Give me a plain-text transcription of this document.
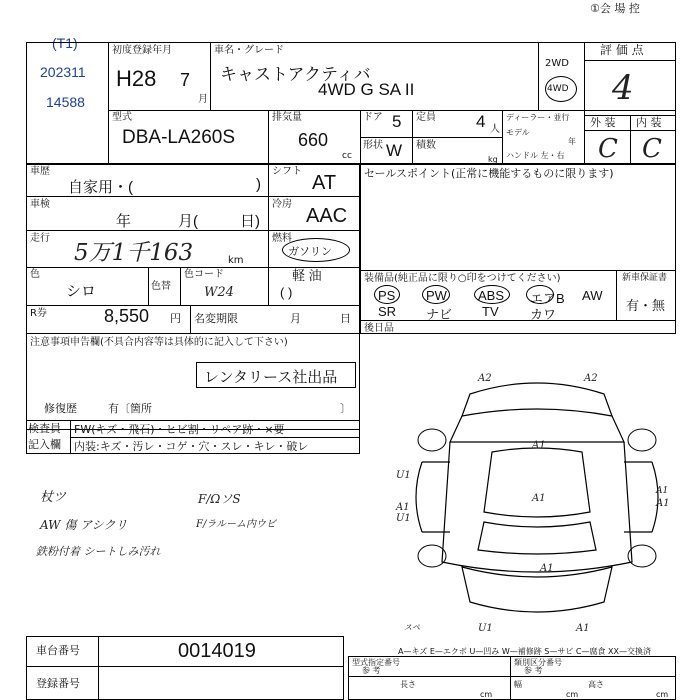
(T1)
202311
14588
①会 場 控
初度登録年月
H28 7
月
車名・グレード
キャストアクティバ
4WD G SA II
2WD
4WD
評 価 点
4
外 装 内 装
C C
型式
DBA-LA260S
排気量
660
cc
ドア 5 定員 4 人
形状 W 積数
kg
ディーラー・並行
モデル
年
ハンドル 左・右
車歴
自家用・(	)
シフト
AT
車検
年	月(	日)
冷房
AAC
走行
5万1千163	km
燃料
ガソリン
軽 油
( )
色
シロ	色替
色コード
W24
セールスポイント(正常に機能するものに限ります)
装備品(純正品に限り○印をつけてください)	新車保証書
有・無
PS PW ABS エアB AW
SR ナビ TV カワ
R券	8,550 円 名変期限	月	日
後日品
注意事項申告欄(不具合内容等は具体的に記入して下さい)
レンタリース社出品
修復歴	有〔箇所	〕
検査員
記入欄
FW(キズ・飛石)・ヒビ割・リペア跡・×要
内装:キズ・汚レ・コゲ・穴・スレ・キレ・破レ
杖ツ
AW 傷 アシクリ
鉄粉付着 シートしみ汚れ
F/ΩソS
F/ラルーム内ウビ
A2
A1
A2
A1	A1
U1
A1
U1
A1
A1
スペ	U1	A1
A—キズ E—エクボ U—凹み W—補修跡 S—サビ C—腐食 XX—交換済
車台番号	0014019
登録番号
型式指定番号
参 考
類別区分番号
参 考
長さ
cm
幅
cm
高さ
cm
